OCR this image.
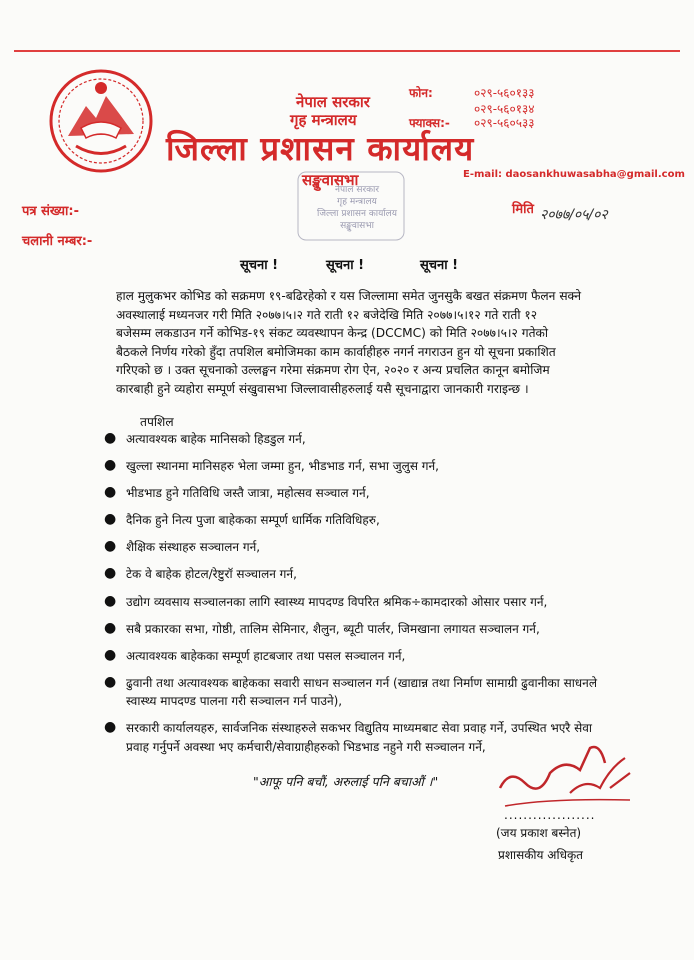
नेपाल सरकार
गृह मन्त्रालय
फोन:	०२९-५६०१३३
०२९-५६०१३४
फ्याक्स:- ०२९-५६०५३३
जिल्ला प्रशासन कार्यालय
नेपाल सरकार
गृह मन्त्रालय
जिल्ला प्रशासन कार्यालय
सङ्खुवासभा
सङ्खुवासभा	E-mail: daosankhuwasabha@gmail.com
पत्र संख्या:-
चलानी नम्बर:-
मिति २०७७/०५/०२
सूचना !	सूचना !	सूचना !
हाल मुलुकभर कोभिड को सक्रमण १९-बढिरहेको र यस जिल्लामा समेत जुनसुकै बखत संक्रमण फैलन सक्ने
अवस्थालाई मध्यनजर गरी मिति २०७७।५।२ गते राती १२ बजेदेखि मिति २०७७।५।१२ गते राती १२
बजेसम्म लकडाउन गर्ने कोभिड-१९ संकट व्यवस्थापन केन्द्र (DCCMC) को मिति २०७७।५।२ गतेको
बैठकले निर्णय गरेको हुँदा तपशिल बमोजिमका काम कार्वाहीहरु नगर्न नगराउन हुन यो सूचना प्रकाशित
गरिएको छ । उक्त सूचनाको उल्लङ्घन गरेमा संक्रमण रोग ऐन, २०२० र अन्य प्रचलित कानून बमोजिम
कारबाही हुने व्यहोरा सम्पूर्ण संखुवासभा जिल्लावासीहरुलाई यसै सूचनाद्वारा जानकारी गराइन्छ ।
तपशिल
● अत्यावश्यक बाहेक मानिसको हिडडुल गर्न,
● खुल्ला स्थानमा मानिसहरु भेला जम्मा हुन, भीडभाड गर्न, सभा जुलुस गर्न,
● भीडभाड हुने गतिविधि जस्तै जात्रा, महोत्सव सञ्चाल गर्न,
● दैनिक हुने नित्य पुजा बाहेकका सम्पूर्ण धार्मिक गतिविधिहरु,
● शैक्षिक संस्थाहरु सञ्चालन गर्न,
● टेक वे बाहेक होटल/रेष्टुरॉ सञ्चालन गर्न,
● उद्योग व्यवसाय सञ्चालनका लागि स्वास्थ्य मापदण्ड विपरित श्रमिक÷कामदारको ओसार पसार गर्न,
● सबै प्रकारका सभा, गोष्ठी, तालिम सेमिनार, शैलुन, ब्यूटी पार्लर, जिमखाना लगायत सञ्चालन गर्न,
● अत्यावश्यक बाहेकका सम्पूर्ण हाटबजार तथा पसल सञ्चालन गर्न,
● ढुवानी तथा अत्यावश्यक बाहेकका सवारी साधन सञ्चालन गर्न (खाद्यान्न तथा निर्माण सामाग्री ढुवानीका साधनले स्वास्थ्य मापदण्ड पालना गरी सञ्चालन गर्न पाउने),
● सरकारी कार्यालयहरु, सार्वजनिक संस्थाहरुले सकभर विद्युतिय माध्यमबाट सेवा प्रवाह गर्ने, उपस्थित भएरै सेवा प्रवाह गर्नुपर्ने अवस्था भए कर्मचारी/सेवाग्राहीहरुको भिडभाड नहुने गरी सञ्चालन गर्ने,
"आफू पनि बचौं, अरुलाई पनि बचाऔं ।"
...................
(जय प्रकाश बस्नेत)
प्रशासकीय अधिकृत
